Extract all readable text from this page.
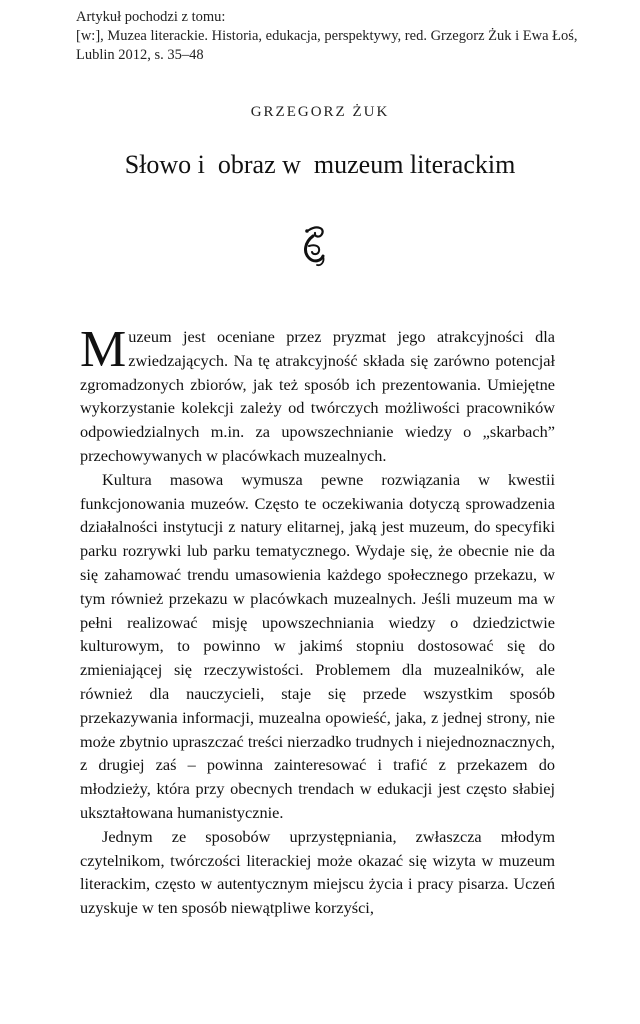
Artykuł pochodzi z tomu:
[w:], Muzea literackie. Historia, edukacja, perspektywy, red. Grzegorz Żuk i Ewa Łoś,
Lublin 2012, s. 35–48
GRZEGORZ ŻUK
Słowo i  obraz w  muzeum literackim

Muzeum jest oceniane przez pryzmat jego atrakcyjności dla zwiedzających. Na tę atrakcyjność składa się zarówno potencjał zgromadzonych zbiorów, jak też sposób ich prezentowania. Umiejętne wykorzystanie kolekcji zależy od twórczych możliwości pracowników odpowiedzialnych m.in. za upowszechnianie wiedzy o „skarbach” przechowywanych w placówkach muzealnych.

Kultura masowa wymusza pewne rozwiązania w kwestii funkcjonowania muzeów. Często te oczekiwania dotyczą sprowadzenia działalności instytucji z natury elitarnej, jaką jest muzeum, do specyfiki parku rozrywki lub parku tematycznego. Wydaje się, że obecnie nie da się zahamować trendu umasowienia każdego społecznego przekazu, w tym również przekazu w placówkach muzealnych. Jeśli muzeum ma w pełni realizować misję upowszechniania wiedzy o dziedzictwie kulturowym, to powinno w jakimś stopniu dostosować się do zmieniającej się rzeczywistości. Problemem dla muzealników, ale również dla nauczycieli, staje się przede wszystkim sposób przekazywania informacji, muzealna opowieść, jaka, z jednej strony, nie może zbytnio upraszczać treści nierzadko trudnych i niejednoznacznych, z drugiej zaś – powinna zainteresować i trafić z przekazem do młodzieży, która przy obecnych trendach w edukacji jest często słabiej ukształtowana humanistycznie.

Jednym ze sposobów uprzystępniania, zwłaszcza młodym czytelnikom, twórczości literackiej może okazać się wizyta w muzeum literackim, często w autentycznym miejscu życia i pracy pisarza. Uczeń uzyskuje w ten sposób niewątpliwe korzyści,
